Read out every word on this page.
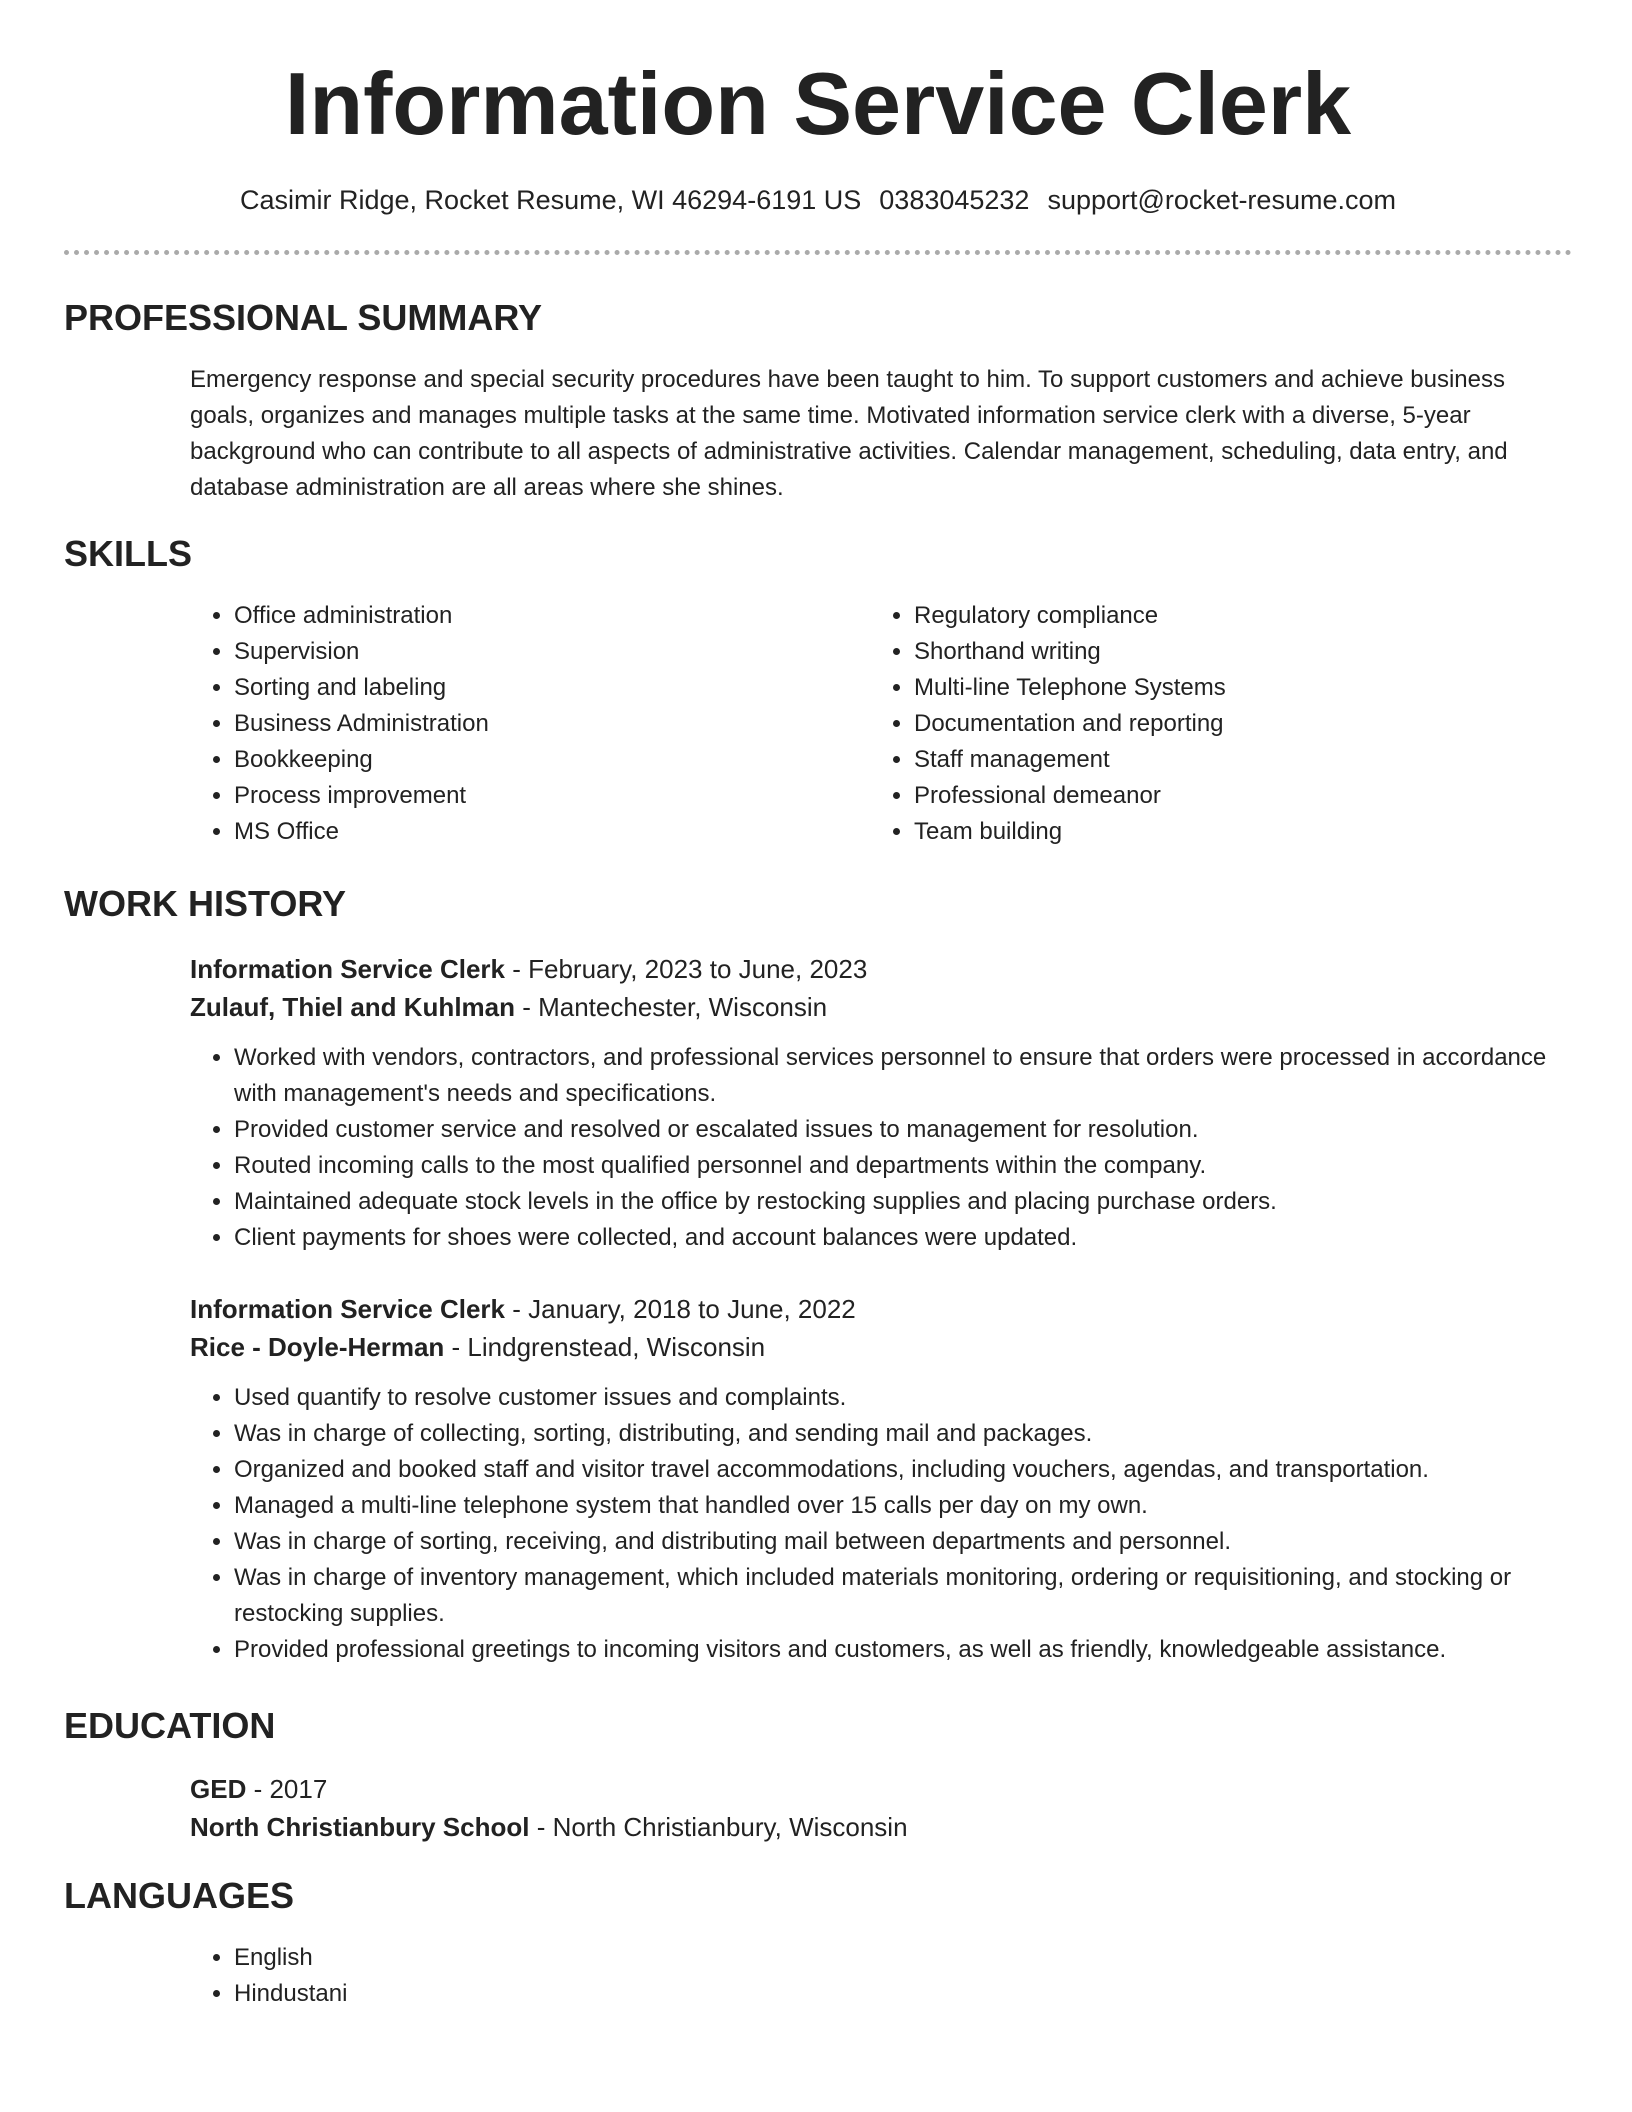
Information Service Clerk
Casimir Ridge, Rocket Resume, WI 46294-6191 US 0383045232 support@rocket-resume.com
PROFESSIONAL SUMMARY

Emergency response and special security procedures have been taught to him. To support customers and achieve business goals, organizes and manages multiple tasks at the same time. Motivated information service clerk with a diverse, 5-year background who can contribute to all aspects of administrative activities. Calendar management, scheduling, data entry, and database administration are all areas where she shines.

SKILLS
• Office administration
• Supervision
• Sorting and labeling
• Business Administration
• Bookkeeping
• Process improvement
• MS Office
• Regulatory compliance
• Shorthand writing
• Multi-line Telephone Systems
• Documentation and reporting
• Staff management
• Professional demeanor
• Team building
WORK HISTORY

Information Service Clerk - February, 2023 to June, 2023

Zulauf, Thiel and Kuhlman - Mantechester, Wisconsin

• Worked with vendors, contractors, and professional services personnel to ensure that orders were processed in accordance with management's needs and specifications.
• Provided customer service and resolved or escalated issues to management for resolution.
• Routed incoming calls to the most qualified personnel and departments within the company.
• Maintained adequate stock levels in the office by restocking supplies and placing purchase orders.
• Client payments for shoes were collected, and account balances were updated.

Information Service Clerk - January, 2018 to June, 2022

Rice - Doyle-Herman - Lindgrenstead, Wisconsin

• Used quantify to resolve customer issues and complaints.
• Was in charge of collecting, sorting, distributing, and sending mail and packages.
• Organized and booked staff and visitor travel accommodations, including vouchers, agendas, and transportation.
• Managed a multi-line telephone system that handled over 15 calls per day on my own.
• Was in charge of sorting, receiving, and distributing mail between departments and personnel.
• Was in charge of inventory management, which included materials monitoring, ordering or requisitioning, and stocking or restocking supplies.
• Provided professional greetings to incoming visitors and customers, as well as friendly, knowledgeable assistance.
EDUCATION

GED - 2017

North Christianbury School - North Christianbury, Wisconsin

LANGUAGES
• English
• Hindustani
